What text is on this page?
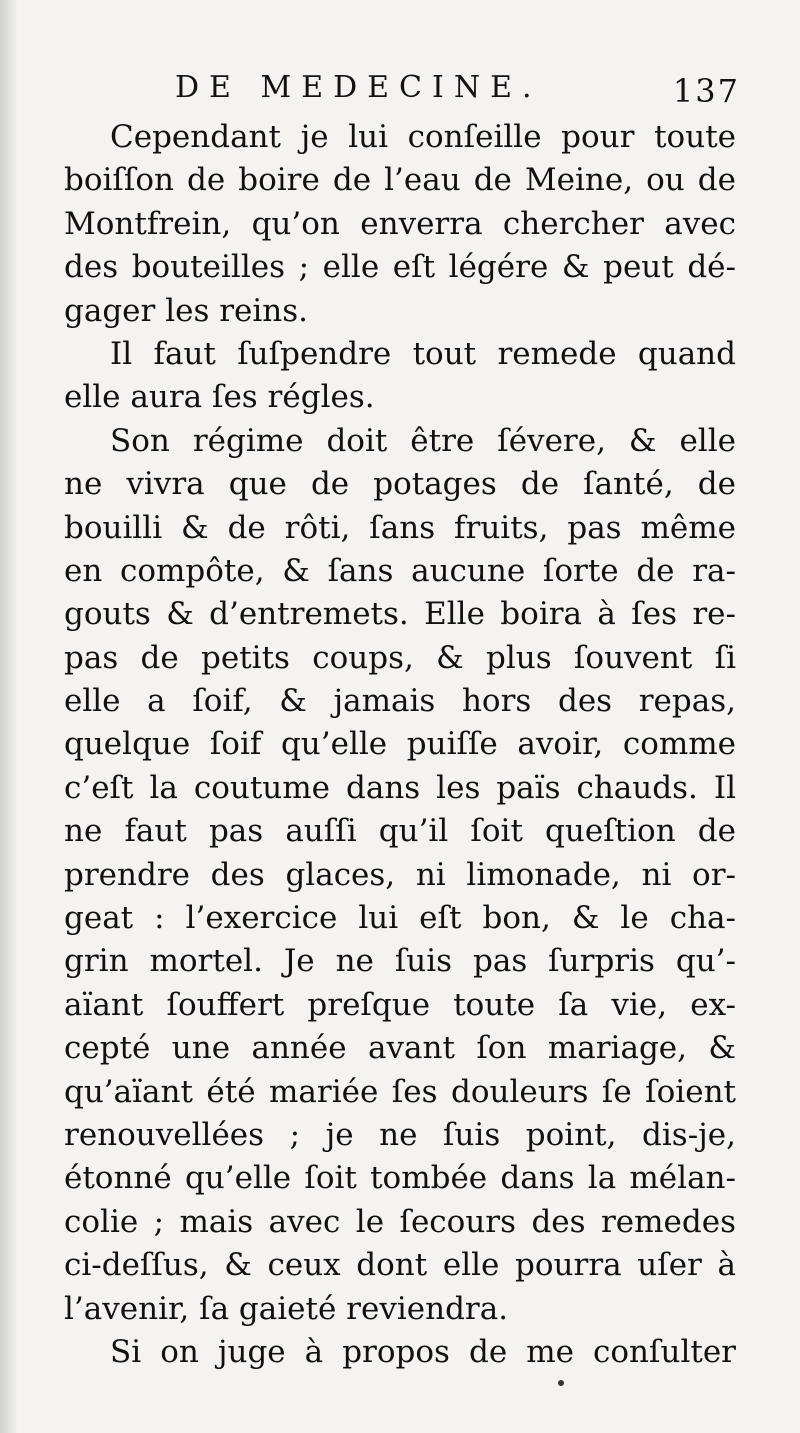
DE MEDECINE.	137

Cependant je lui conſeille pour toute
boiſſon de boire de l’eau de Meine, ou de
Montfrein, qu’on enverra chercher avec
des bouteilles ; elle eſt légére & peut dé-
gager les reins.

Il faut ſuſpendre tout remede quand
elle aura ſes régles.

Son régime doit être ſévere, & elle
ne vivra que de potages de ſanté, de
bouilli & de rôti, ſans fruits, pas même
en compôte, & ſans aucune ſorte de ra-
gouts & d’entremets. Elle boira à ſes re-
pas de petits coups, & plus ſouvent ſi
elle a ſoif, & jamais hors des repas,
quelque ſoif qu’elle puiſſe avoir, comme
c’eſt la coutume dans les païs chauds. Il
ne faut pas auſſi qu’il ſoit queſtion de
prendre des glaces, ni limonade, ni or-
geat : l’exercice lui eſt bon, & le cha-
grin mortel. Je ne ſuis pas ſurpris qu’-
aïant ſouffert preſque toute ſa vie, ex-
cepté une année avant ſon mariage, &
qu’aïant été mariée ſes douleurs ſe ſoient
renouvellées ; je ne ſuis point, dis-je,
étonné qu’elle ſoit tombée dans la mélan-
colie ; mais avec le ſecours des remedes
ci-deſſus, & ceux dont elle pourra uſer à
l’avenir, ſa gaieté reviendra.

Si on juge à propos de me conſulter
